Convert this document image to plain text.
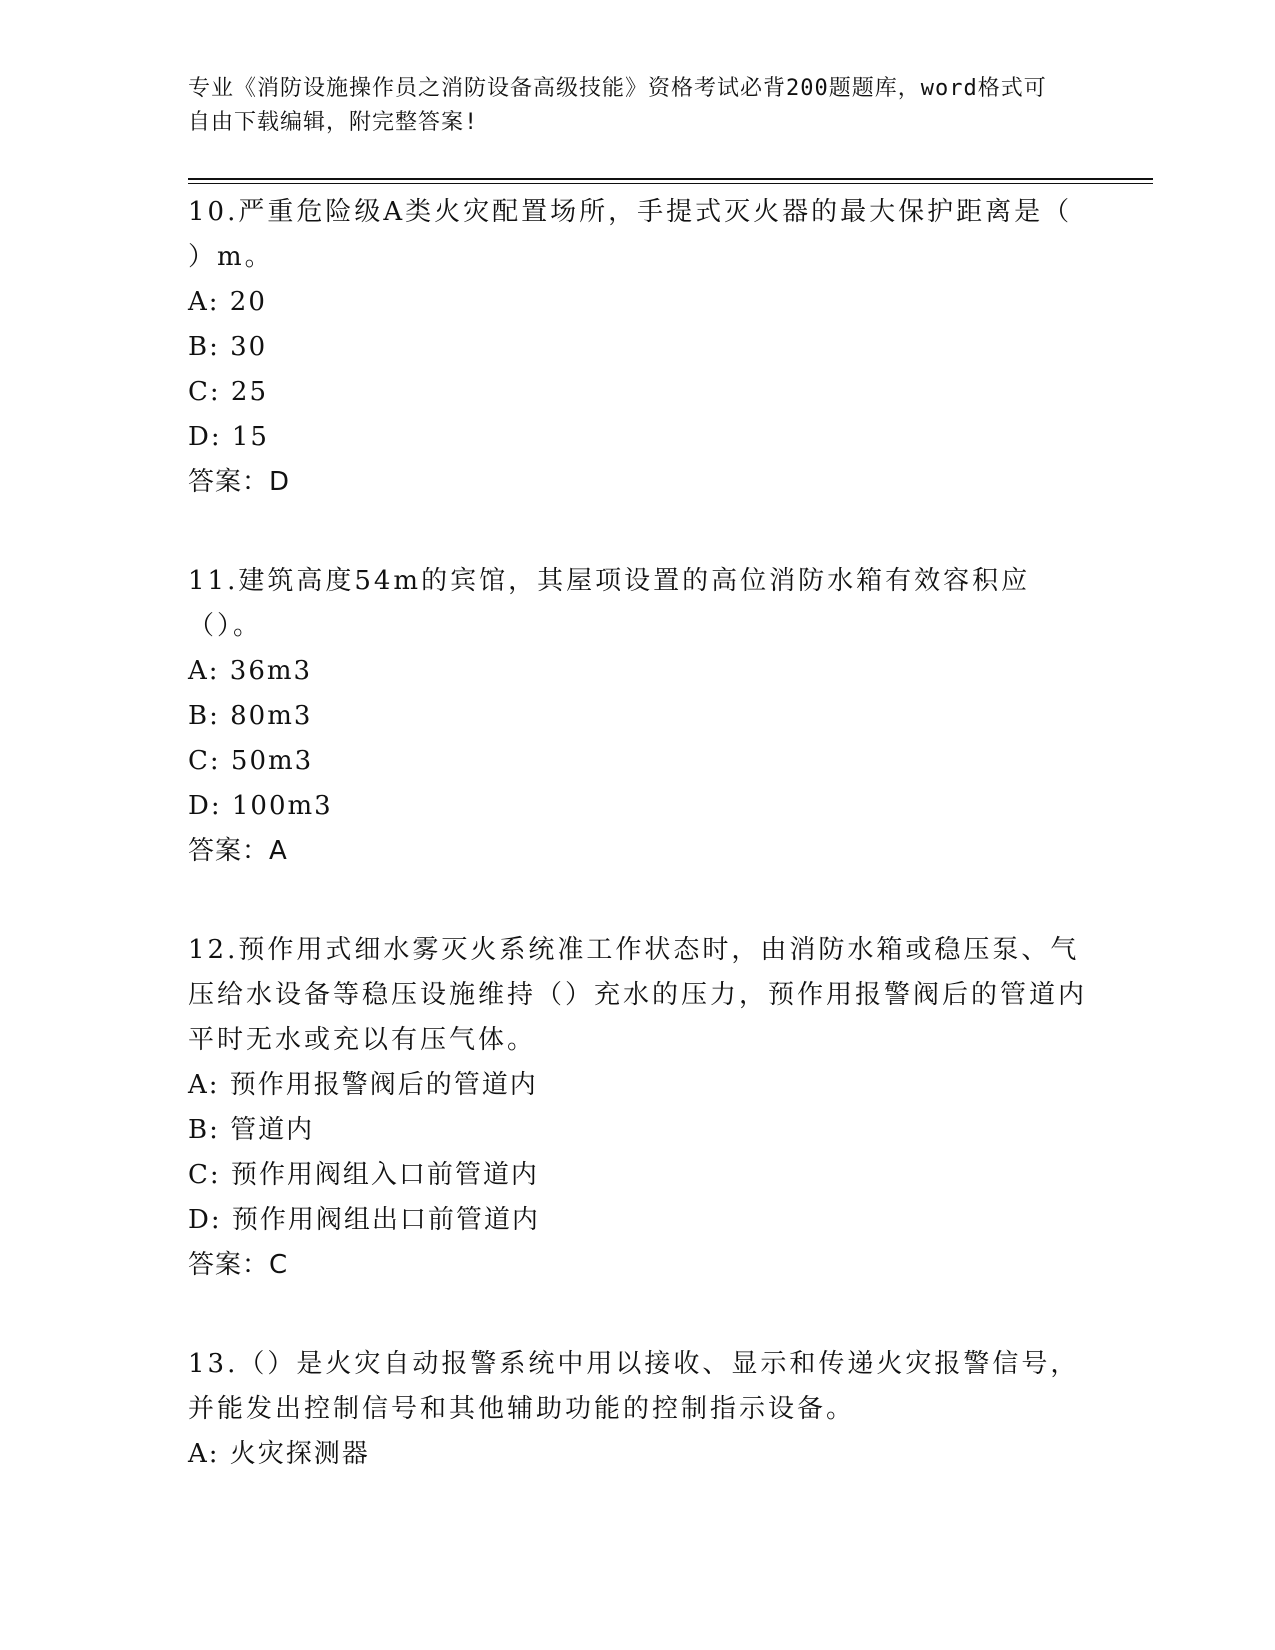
专业《消防设施操作员之消防设备高级技能》资格考试必背200题题库，word格式可自由下载编辑，附完整答案!

10.严重危险级A类火灾配置场所，手提式灭火器的最大保护距离是（ ）m。

A: 20

B: 30

C: 25

D: 15

答案：D

11.建筑高度54m的宾馆，其屋项设置的高位消防水箱有效容积应（）。

A: 36m3

B: 80m3

C: 50m3

D: 100m3

答案：A

12.预作用式细水雾灭火系统准工作状态时，由消防水箱或稳压泵、气压给水设备等稳压设施维持（）充水的压力，预作用报警阀后的管道内平时无水或充以有压气体。

A: 预作用报警阀后的管道内

B: 管道内

C: 预作用阀组入口前管道内

D: 预作用阀组出口前管道内

答案：C

13.（）是火灾自动报警系统中用以接收、显示和传递火灾报警信号，并能发出控制信号和其他辅助功能的控制指示设备。

A: 火灾探测器
